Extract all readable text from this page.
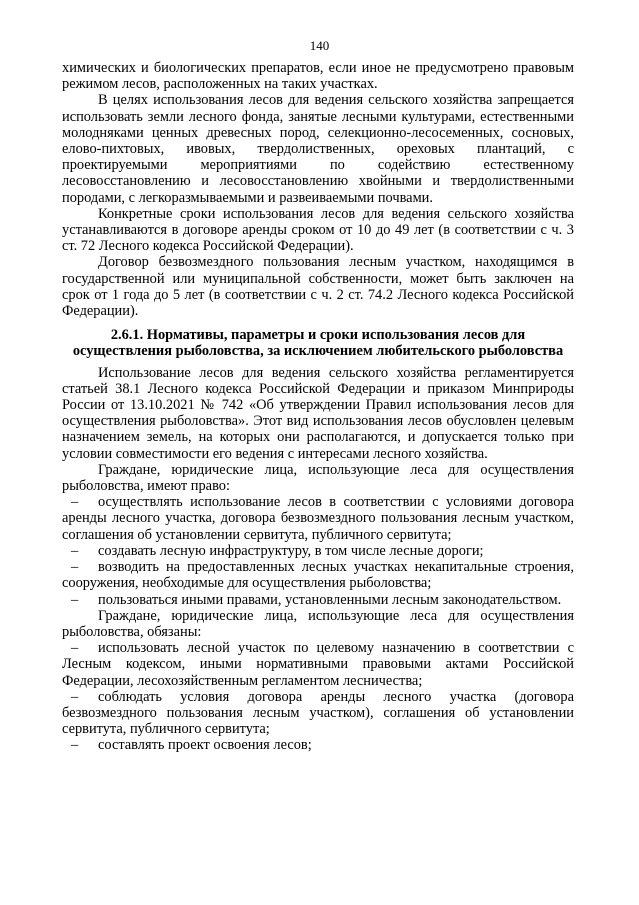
140

химических и биологических препаратов, если иное не предусмотрено правовым режимом лесов, расположенных на таких участках.

В целях использования лесов для ведения сельского хозяйства запрещается использовать земли лесного фонда, занятые лесными культурами, естественными молодняками ценных древесных пород, селекционно-лесосеменных, сосновых, елово-пихтовых, ивовых, твердолиственных, ореховых плантаций, с проектируемыми мероприятиями по содействию естественному лесовосстановлению и лесовосстановлению хвойными и твердолиственными породами, с легкоразмываемыми и развеиваемыми почвами.

Конкретные сроки использования лесов для ведения сельского хозяйства устанавливаются в договоре аренды сроком от 10 до 49 лет (в соответствии с ч. 3 ст. 72 Лесного кодекса Российской Федерации).

Договор безвозмездного пользования лесным участком, находящимся в государственной или муниципальной собственности, может быть заключен на срок от 1 года до 5 лет (в соответствии с ч. 2 ст. 74.2 Лесного кодекса Российской Федерации).

2.6.1. Нормативы, параметры и сроки использования лесов для осуществления рыболовства, за исключением любительского рыболовства

Использование лесов для ведения сельского хозяйства регламентируется статьей 38.1 Лесного кодекса Российской Федерации и приказом Минприроды России от 13.10.2021 № 742 «Об утверждении Правил использования лесов для осуществления рыболовства». Этот вид использования лесов обусловлен целевым назначением земель, на которых они располагаются, и допускается только при условии совместимости его ведения с интересами лесного хозяйства.

Граждане, юридические лица, использующие леса для осуществления рыболовства, имеют право:

– осуществлять использование лесов в соответствии с условиями договора аренды лесного участка, договора безвозмездного пользования лесным участком, соглашения об установлении сервитута, публичного сервитута;

– создавать лесную инфраструктуру, в том числе лесные дороги;

– возводить на предоставленных лесных участках некапитальные строения, сооружения, необходимые для осуществления рыболовства;

– пользоваться иными правами, установленными лесным законодательством.

Граждане, юридические лица, использующие леса для осуществления рыболовства, обязаны:

– использовать лесной участок по целевому назначению в соответствии с Лесным кодексом, иными нормативными правовыми актами Российской Федерации, лесохозяйственным регламентом лесничества;

– соблюдать условия договора аренды лесного участка (договора безвозмездного пользования лесным участком), соглашения об установлении сервитута, публичного сервитута;

– составлять проект освоения лесов;
